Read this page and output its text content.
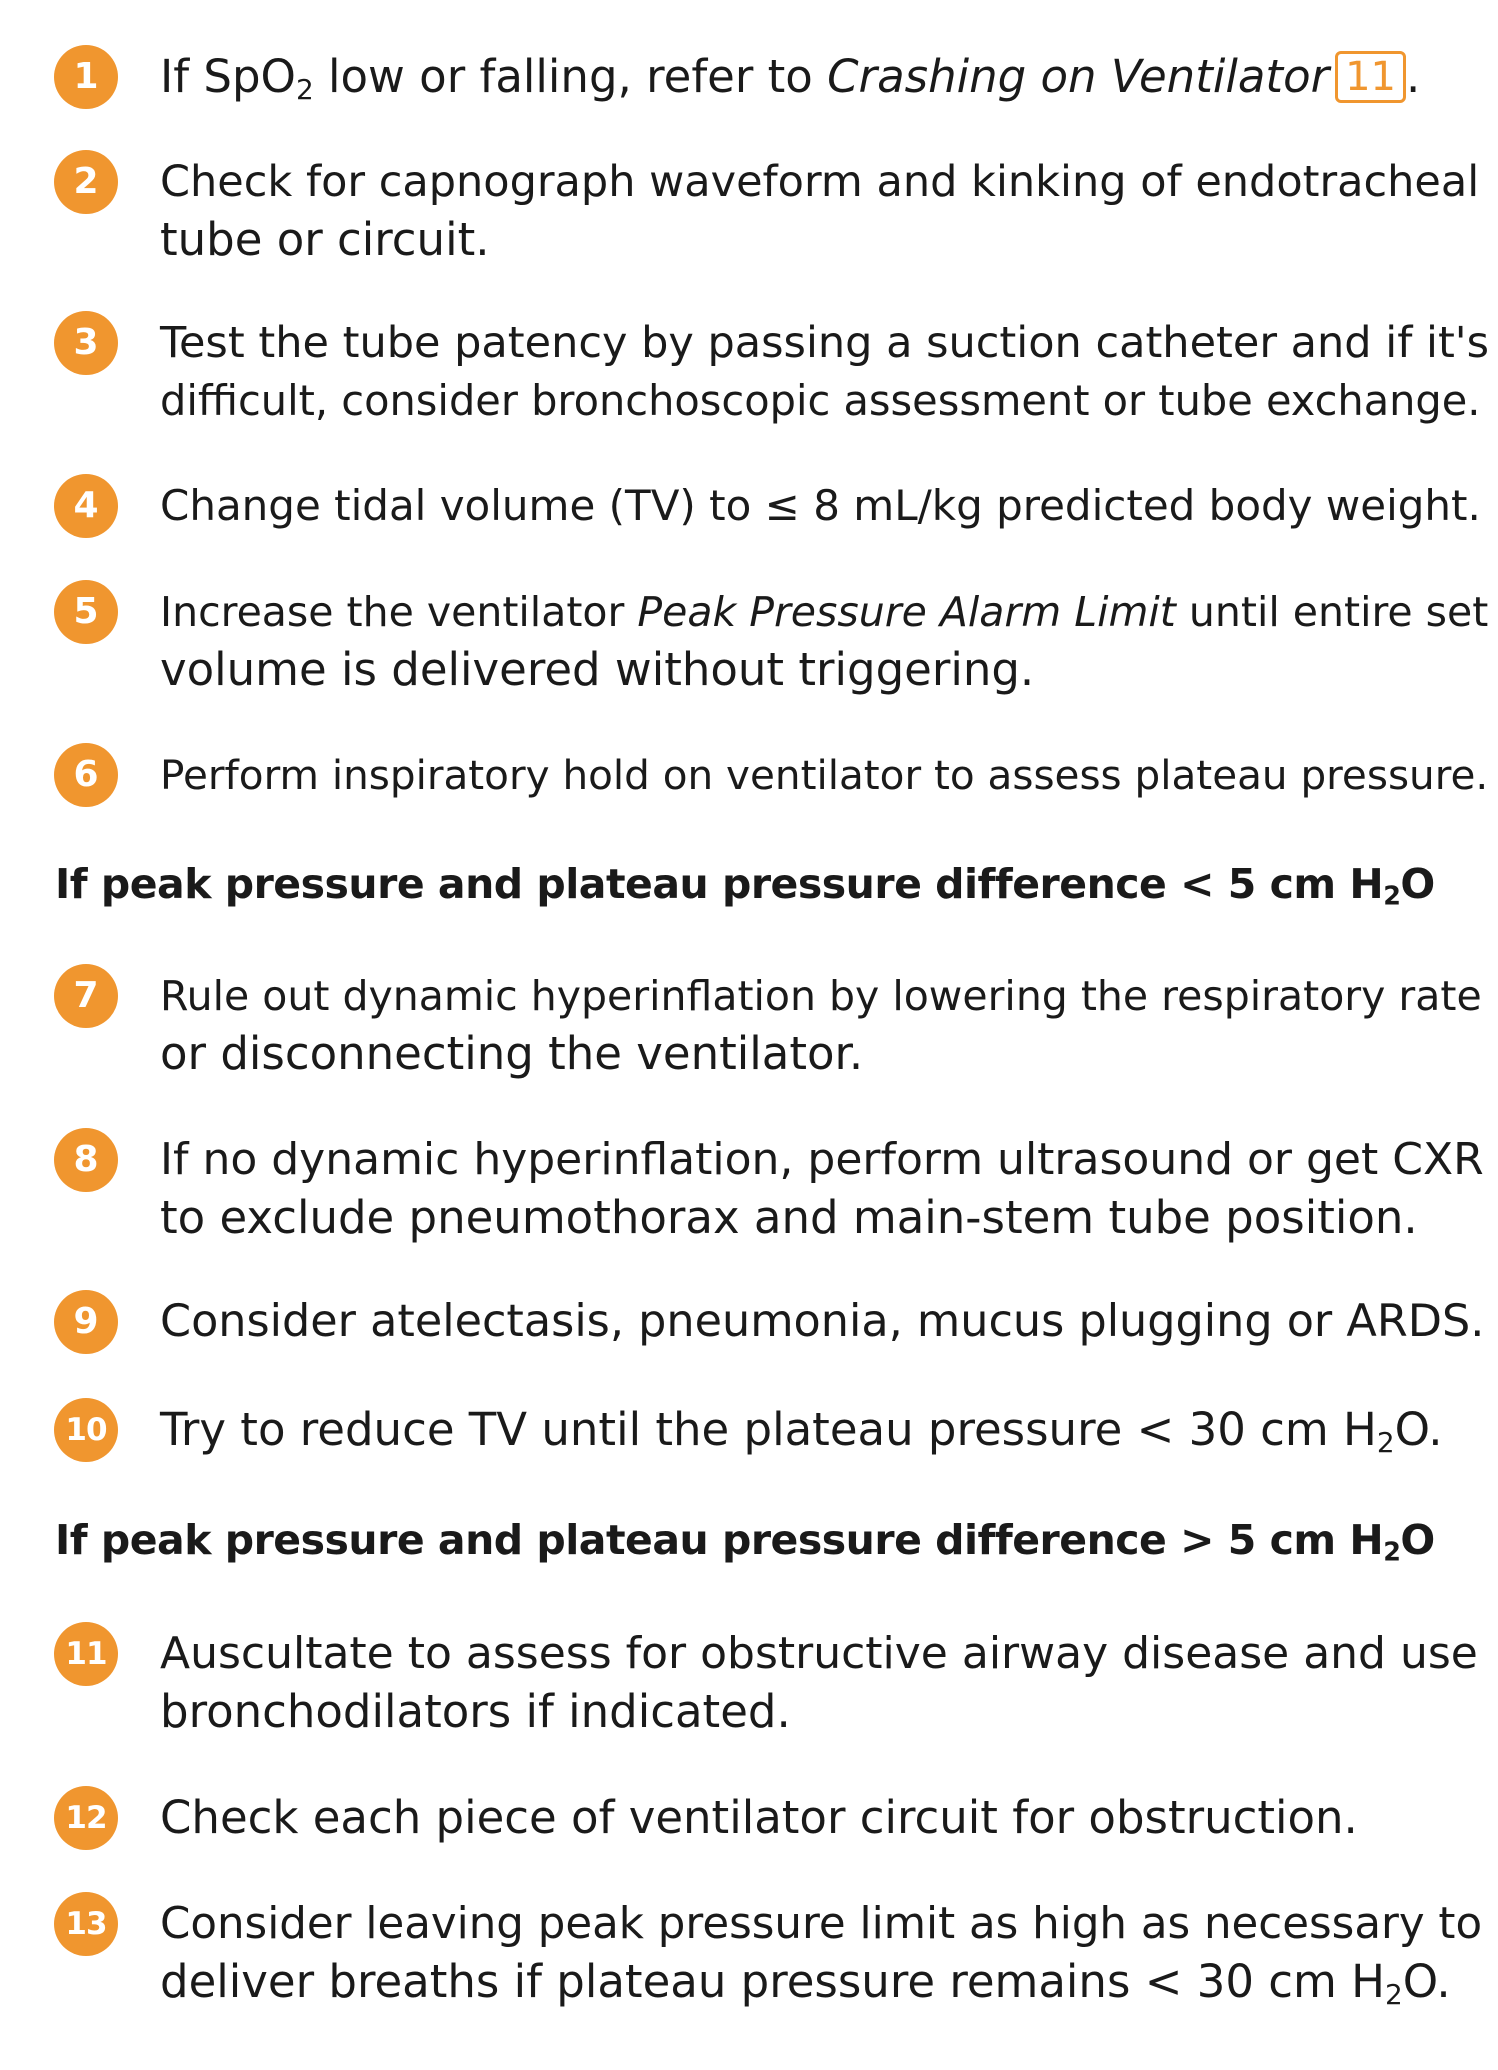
1	If SpO$_2$ low or falling, refer to Crashing on Ventilator 11 .
2	Check for capnograph waveform and kinking of endotracheal
tube or circuit.
3	Test the tube patency by passing a suction catheter and if it's
difficult, consider bronchoscopic assessment or tube exchange.
4	Change tidal volume (TV) to ≤ 8 mL/kg predicted body weight.
5	Increase the ventilator Peak Pressure Alarm Limit until entire set
volume is delivered without triggering.
6	Perform inspiratory hold on ventilator to assess plateau pressure.
If peak pressure and plateau pressure difference < 5 cm $H_2O$
7	Rule out dynamic hyperinflation by lowering the respiratory rate
or disconnecting the ventilator.
8	If no dynamic hyperinflation, perform ultrasound or get CXR
to exclude pneumothorax and main-stem tube position.
9	Consider atelectasis, pneumonia, mucus plugging or ARDS.
10 Try to reduce TV until the plateau pressure < 30 cm $H_2O$.
If peak pressure and plateau pressure difference > 5 cm $H_2O$
11 Auscultate to assess for obstructive airway disease and use
bronchodilators if indicated.
12 Check each piece of ventilator circuit for obstruction.
13 Consider leaving peak pressure limit as high as necessary to
deliver breaths if plateau pressure remains < 30 cm $H_2O$.
